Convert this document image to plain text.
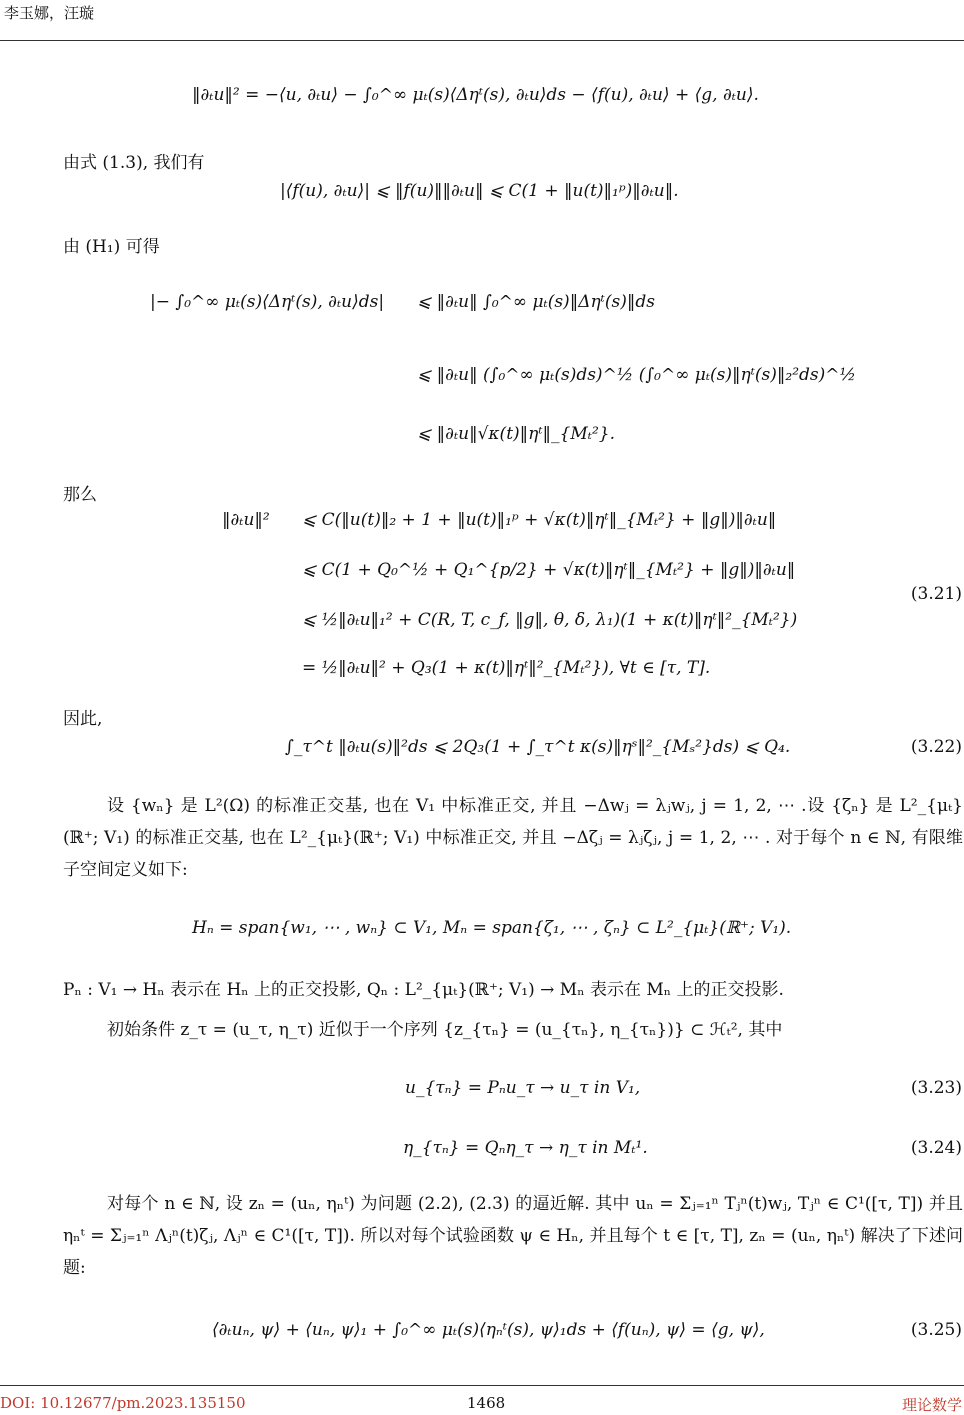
李玉娜，汪璇
‖∂ₜu‖² = −⟨u, ∂ₜu⟩ − ∫₀^∞ μₜ(s)⟨Δηᵗ(s), ∂ₜu⟩ds − ⟨f(u), ∂ₜu⟩ + ⟨g, ∂ₜu⟩.
由式 (1.3), 我们有
|⟨f(u), ∂ₜu⟩| ⩽ ‖f(u)‖‖∂ₜu‖ ⩽ C(1 + ‖u(t)‖₁ᵖ)‖∂ₜu‖.
由 (H₁) 可得
|− ∫₀^∞ μₜ(s)⟨Δηᵗ(s), ∂ₜu⟩ds| ⩽ ‖∂ₜu‖ ∫₀^∞ μₜ(s)‖Δηᵗ(s)‖ds
⩽ ‖∂ₜu‖ (∫₀^∞ μₜ(s)ds)^½ (∫₀^∞ μₜ(s)‖ηᵗ(s)‖₂²ds)^½
⩽ ‖∂ₜu‖√κ(t)‖ηᵗ‖_{Mₜ²}.
那么
‖∂ₜu‖² ⩽ C(‖u(t)‖₂ + 1 + ‖u(t)‖₁ᵖ + √κ(t)‖ηᵗ‖_{Mₜ²} + ‖g‖)‖∂ₜu‖
⩽ C(1 + Q₀^½ + Q₁^{p/2} + √κ(t)‖ηᵗ‖_{Mₜ²} + ‖g‖)‖∂ₜu‖
⩽ ½‖∂ₜu‖₁² + C(R, T, c_f, ‖g‖, θ, δ, λ₁)(1 + κ(t)‖ηᵗ‖²_{Mₜ²})
= ½‖∂ₜu‖² + Q₃(1 + κ(t)‖ηᵗ‖²_{Mₜ²}), ∀t ∈ [τ, T].
(3.21)
因此,
∫_τ^t ‖∂ₜu(s)‖²ds ⩽ 2Q₃(1 + ∫_τ^t κ(s)‖ηˢ‖²_{Mₛ²}ds) ⩽ Q₄.	(3.22)
设 {wₙ} 是 L²(Ω) 的标准正交基, 也在 V₁ 中标准正交, 并且 −Δwⱼ = λⱼwⱼ, j = 1, 2, ⋯ .设 {ζₙ} 是 L²_{μₜ}(ℝ⁺; V₁) 的标准正交基, 也在 L²_{μₜ}(ℝ⁺; V₁) 中标准正交, 并且 −Δζⱼ = λⱼζⱼ, j = 1, 2, ⋯ . 对于每个 n ∈ ℕ, 有限维子空间定义如下:
Hₙ = span{w₁, ⋯ , wₙ} ⊂ V₁, Mₙ = span{ζ₁, ⋯ , ζₙ} ⊂ L²_{μₜ}(ℝ⁺; V₁).
Pₙ : V₁ → Hₙ 表示在 Hₙ 上的正交投影, Qₙ : L²_{μₜ}(ℝ⁺; V₁) → Mₙ 表示在 Mₙ 上的正交投影.
初始条件 z_τ = (u_τ, η_τ) 近似于一个序列 {z_{τₙ} = (u_{τₙ}, η_{τₙ})} ⊂ ℋₜ², 其中
u_{τₙ} = Pₙu_τ → u_τ in V₁,	(3.23)
η_{τₙ} = Qₙη_τ → η_τ in Mₜ¹.	(3.24)
对每个 n ∈ ℕ, 设 zₙ = (uₙ, ηₙᵗ) 为问题 (2.2), (2.3) 的逼近解. 其中 uₙ = Σⱼ₌₁ⁿ Tⱼⁿ(t)wⱼ, Tⱼⁿ ∈ C¹([τ, T]) 并且 ηₙᵗ = Σⱼ₌₁ⁿ Λⱼⁿ(t)ζⱼ, Λⱼⁿ ∈ C¹([τ, T]). 所以对每个试验函数 ψ ∈ Hₙ, 并且每个 t ∈ [τ, T], zₙ = (uₙ, ηₙᵗ) 解决了下述问题:
⟨∂ₜuₙ, ψ⟩ + ⟨uₙ, ψ⟩₁ + ∫₀^∞ μₜ(s)⟨ηₙᵗ(s), ψ⟩₁ds + ⟨f(uₙ), ψ⟩ = ⟨g, ψ⟩,	(3.25)
DOI: 10.12677/pm.2023.135150	1468	理论数学
